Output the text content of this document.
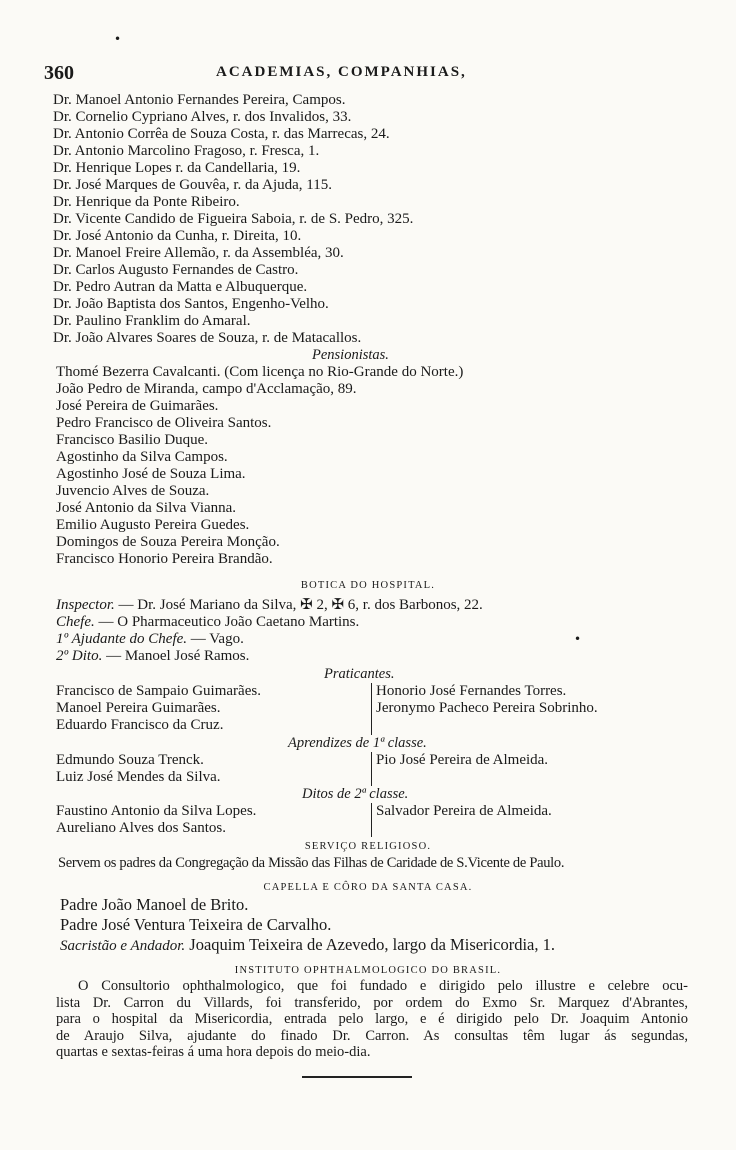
•
360	ACADEMIAS, COMPANHIAS,
Dr. Manoel Antonio Fernandes Pereira, Campos.
Dr. Cornelio Cypriano Alves, r. dos Invalidos, 33.
Dr. Antonio Corrêa de Souza Costa, r. das Marrecas, 24.
Dr. Antonio Marcolino Fragoso, r. Fresca, 1.
Dr. Henrique Lopes r. da Candellaria, 19.
Dr. José Marques de Gouvêa, r. da Ajuda, 115.
Dr. Henrique da Ponte Ribeiro.
Dr. Vicente Candido de Figueira Saboia, r. de S. Pedro, 325.
Dr. José Antonio da Cunha, r. Direita, 10.
Dr. Manoel Freire Allemão, r. da Assembléa, 30.
Dr. Carlos Augusto Fernandes de Castro.
Dr. Pedro Autran da Matta e Albuquerque.
Dr. João Baptista dos Santos, Engenho-Velho.
Dr. Paulino Franklim do Amaral.
Dr. João Alvares Soares de Souza, r. de Matacallos.
Pensionistas.
Thomé Bezerra Cavalcanti. (Com licença no Rio-Grande do Norte.)
João Pedro de Miranda, campo d'Acclamação, 89.
José Pereira de Guimarães.
Pedro Francisco de Oliveira Santos.
Francisco Basilio Duque.
Agostinho da Silva Campos.
Agostinho José de Souza Lima.
Juvencio Alves de Souza.
José Antonio da Silva Vianna.
Emilio Augusto Pereira Guedes.
Domingos de Souza Pereira Monção.
Francisco Honorio Pereira Brandão.
BOTICA DO HOSPITAL.
Inspector. — Dr. José Mariano da Silva, ✠ 2, ✠ 6, r. dos Barbonos, 22.
Chefe. — O Pharmaceutico João Caetano Martins.
1º Ajudante do Chefe. — Vago.
2º Dito. — Manoel José Ramos.
•
Praticantes.
Francisco de Sampaio Guimarães.
Manoel Pereira Guimarães.
Eduardo Francisco da Cruz.
Honorio José Fernandes Torres.
Jeronymo Pacheco Pereira Sobrinho.
Aprendizes de 1ª classe.
Edmundo Souza Trenck.
Luiz José Mendes da Silva.
Pio José Pereira de Almeida.
Ditos de 2ª classe.
Faustino Antonio da Silva Lopes.
Aureliano Alves dos Santos.
Salvador Pereira de Almeida.
SERVIÇO RELIGIOSO.
Servem os padres da Congregação da Missão das Filhas de Caridade de S.Vicente de Paulo.
CAPELLA E CÔRO DA SANTA CASA.
Padre João Manoel de Brito.
Padre José Ventura Teixeira de Carvalho.
Sacristão e Andador. Joaquim Teixeira de Azevedo, largo da Misericordia, 1.
INSTITUTO OPHTHALMOLOGICO DO BRASIL.
O Consultorio ophthalmologico, que foi fundado e dirigido pelo illustre e celebre ocu-
lista Dr. Carron du Villards, foi transferido, por ordem do Exmo Sr. Marquez d'Abrantes,
para o hospital da Misericordia, entrada pelo largo, e é dirigido pelo Dr. Joaquim Antonio
de Araujo Silva, ajudante do finado Dr. Carron. As consultas têm lugar ás segundas,
quartas e sextas-feiras á uma hora depois do meio-dia.
